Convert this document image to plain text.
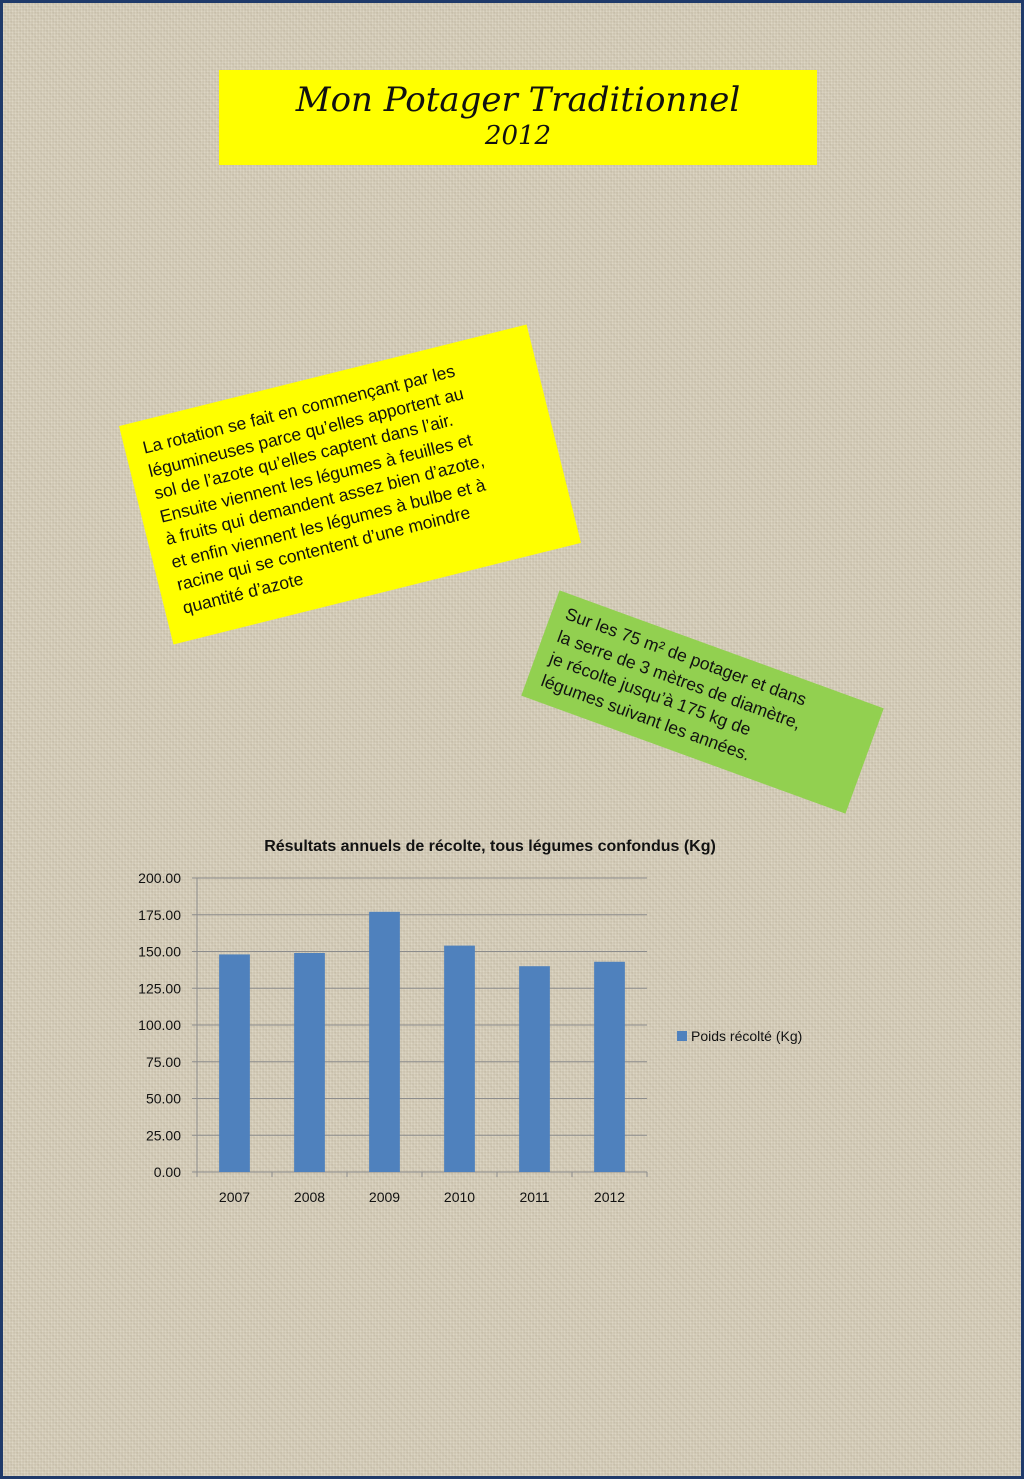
Mon Potager Traditionnel
2012
La rotation se fait en commençant par les
légumineuses parce qu’elles apportent au
sol de l’azote qu’elles captent dans l’air.
Ensuite viennent les légumes à feuilles et
à fruits qui demandent assez bien d’azote,
et enfin viennent les légumes à bulbe et à
racine qui se contentent d’une moindre
quantité d’azote
Sur les 75 m² de potager et dans
la serre de 3 mètres de diamètre,
je récolte jusqu’à 175 kg de
légumes suivant les années.
Résultats annuels de récolte, tous légumes confondus (Kg)
0.00
25.00
50.00
75.00
100.00
125.00
150.00
175.00
200.00
2007	2008	2009	2010	2011	2012
Poids récolté (Kg)
